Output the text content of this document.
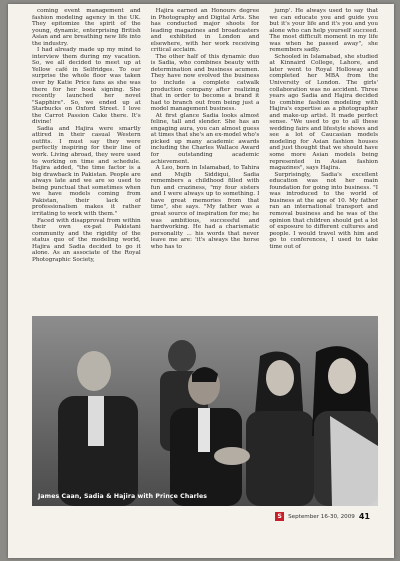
coming event management and fashion modeling agency in the UK. They epitomize the spirit of the young, dynamic, enterprising British Asian and are breathing new life into the industry.

I had already made up my mind to interview them during my vacation. So, we all decided to meet up at Yellow café in Selfridges. To our surprise the whole floor was taken over by Katie Price fans as she was there for her book signing. She recently launched her novel "Sapphire". So, we ended up at Starbucks on Oxford Street. I love the Carrot Passion Cake there. It's divine!

Sadia and Hajira were smartly attired in their casual Western outfits. I must say they were perfectly inspiring for their line of work. Living abroad, they were used to working on time and schedule. Hajira added, "the time factor is a big drawback in Pakistan. People are always late and we are so used to being punctual that sometimes when we have models coming from Pakistan, their lack of professionalism makes it rather irritating to work with them."

Faced with disapproval from within their own ex-pat Pakistani community and the rigidity of the status quo of the modeling world, Hajira and Sadia decided to go it alone. As an associate of the Royal Photographic Society,

Hajira earned an Honours degree in Photography and Digital Arts. She has conducted major shoots for leading magazines and broadcasters and exhibited in London and elsewhere, with her work receiving critical acclaim.

The other half of this dynamic duo is Sadia, who combines beauty with determination and business acumen. They have now evolved the business to include a complete catwalk production company after realizing that in order to become a brand it had to branch out from being just a model management business.

At first glance Sadia looks almost feline, tall and slender. She has an engaging aura, you can almost guess at times that she's an ex-model who's picked up many academic awards including the Charles Wallace Award for outstanding academic achievement.

A Leo, born in Islamabad, to Tahira and Mujib Siddiqui, Sadia remembers a childhood filled with fun and craziness, "my four sisters and I were always up to something. I have great memories from that time", she says. "My father was a great source of inspiration for me; he was ambitious, successful and hardworking. He had a charismatic personality ... his words that never leave me are: 'it's always the horse who has to

jump'. He always used to say that we can educate you and guide you but it's your life and it's you and you alone who can help yourself succeed. The most difficult moment in my life was when he passed away", she remembers sadly.

Schooled in Islamabad, she studied at Kinnaird College, Lahore, and later went to Royal Holloway and completed her MBA from the University of London. The girls' collaboration was no accident. Three years ago Sadia and Hajira decided to combine fashion modeling with Hajira's expertise as a photographer and make-up artist. It made perfect sense. "We used to go to all these wedding fairs and lifestyle shows and see a lot of Caucasian models modeling for Asian fashion houses and just thought that we should have some more Asian models being represented in Asian fashion magazines", says Hajira.

Surprisingly, Sadia's excellent education was not her main foundation for going into business. "I was introduced to the world of business at the age of 10. My father ran an international transport and removal business and he was of the opinion that children should get a lot of exposure to different cultures and people. I would travel with him and go to conferences, I used to take time out of

James Caan, Sadia & Hajira with Prince Charles
S	September 16-30, 2009 41
